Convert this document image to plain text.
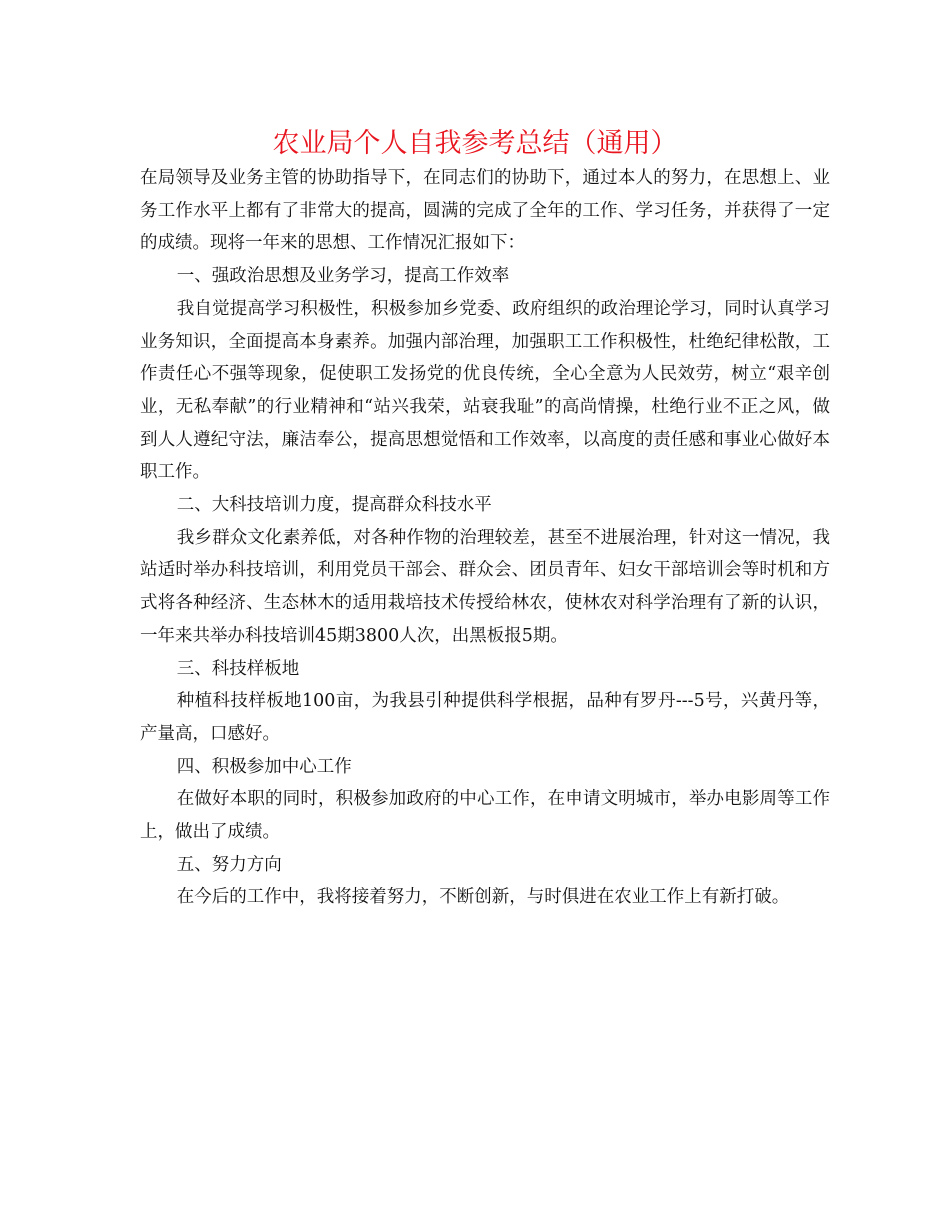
农业局个人自我参考总结（通用）

在局领导及业务主管的协助指导下，在同志们的协助下，通过本人的努力，在思想上、业务工作水平上都有了非常大的提高，圆满的完成了全年的工作、学习任务，并获得了一定的成绩。现将一年来的思想、工作情况汇报如下：

一、强政治思想及业务学习，提高工作效率

我自觉提高学习积极性，积极参加乡党委、政府组织的政治理论学习，同时认真学习业务知识，全面提高本身素养。加强内部治理，加强职工工作积极性，杜绝纪律松散，工作责任心不强等现象，促使职工发扬党的优良传统，全心全意为人民效劳，树立“艰辛创业，无私奉献”的行业精神和“站兴我荣，站衰我耻”的高尚情操，杜绝行业不正之风，做到人人遵纪守法，廉洁奉公，提高思想觉悟和工作效率，以高度的责任感和事业心做好本职工作。

二、大科技培训力度，提高群众科技水平

我乡群众文化素养低，对各种作物的治理较差，甚至不进展治理，针对这一情况，我站适时举办科技培训，利用党员干部会、群众会、团员青年、妇女干部培训会等时机和方式将各种经济、生态林木的适用栽培技术传授给林农，使林农对科学治理有了新的认识，一年来共举办科技培训45期3800人次，出黑板报5期。

三、科技样板地

种植科技样板地100亩，为我县引种提供科学根据，品种有罗丹---5号，兴黄丹等，产量高，口感好。

四、积极参加中心工作

在做好本职的同时，积极参加政府的中心工作，在申请文明城市，举办电影周等工作上，做出了成绩。

五、努力方向

在今后的工作中，我将接着努力，不断创新，与时俱进在农业工作上有新打破。
